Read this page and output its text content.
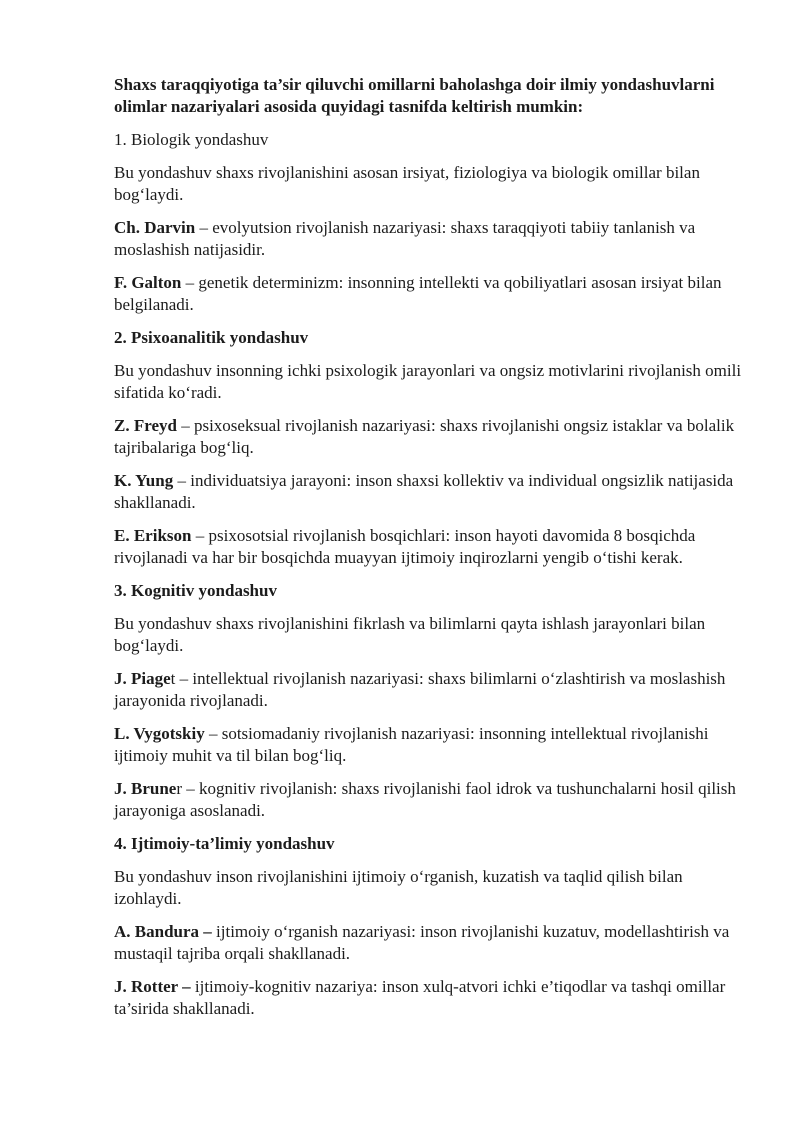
Shaxs taraqqiyotiga ta’sir qiluvchi omillarni baholashga doir ilmiy yondashuvlarni olimlar nazariyalari asosida quyidagi tasnifda keltirish mumkin:

1. Biologik yondashuv

Bu yondashuv shaxs rivojlanishini asosan irsiyat, fiziologiya va biologik omillar bilan bog‘laydi.

Ch. Darvin – evolyutsion rivojlanish nazariyasi: shaxs taraqqiyoti tabiiy tanlanish va moslashish natijasidir.

F. Galton – genetik determinizm: insonning intellekti va qobiliyatlari asosan irsiyat bilan belgilanadi.

2. Psixoanalitik yondashuv

Bu yondashuv insonning ichki psixologik jarayonlari va ongsiz motivlarini rivojlanish omili sifatida ko‘radi.

Z. Freyd – psixoseksual rivojlanish nazariyasi: shaxs rivojlanishi ongsiz istaklar va bolalik tajribalariga bog‘liq.

K. Yung – individuatsiya jarayoni: inson shaxsi kollektiv va individual ongsizlik natijasida shakllanadi.

E. Erikson – psixosotsial rivojlanish bosqichlari: inson hayoti davomida 8 bosqichda rivojlanadi va har bir bosqichda muayyan ijtimoiy inqirozlarni yengib o‘tishi kerak.

3. Kognitiv yondashuv

Bu yondashuv shaxs rivojlanishini fikrlash va bilimlarni qayta ishlash jarayonlari bilan bog‘laydi.

J. Piaget – intellektual rivojlanish nazariyasi: shaxs bilimlarni o‘zlashtirish va moslashish jarayonida rivojlanadi.

L. Vygotskiy – sotsiomadaniy rivojlanish nazariyasi: insonning intellektual rivojlanishi ijtimoiy muhit va til bilan bog‘liq.

J. Bruner – kognitiv rivojlanish: shaxs rivojlanishi faol idrok va tushunchalarni hosil qilish jarayoniga asoslanadi.

4. Ijtimoiy-ta’limiy yondashuv

Bu yondashuv inson rivojlanishini ijtimoiy o‘rganish, kuzatish va taqlid qilish bilan izohlaydi.

A. Bandura – ijtimoiy o‘rganish nazariyasi: inson rivojlanishi kuzatuv, modellashtirish va mustaqil tajriba orqali shakllanadi.

J. Rotter – ijtimoiy-kognitiv nazariya: inson xulq-atvori ichki e’tiqodlar va tashqi omillar ta’sirida shakllanadi.
